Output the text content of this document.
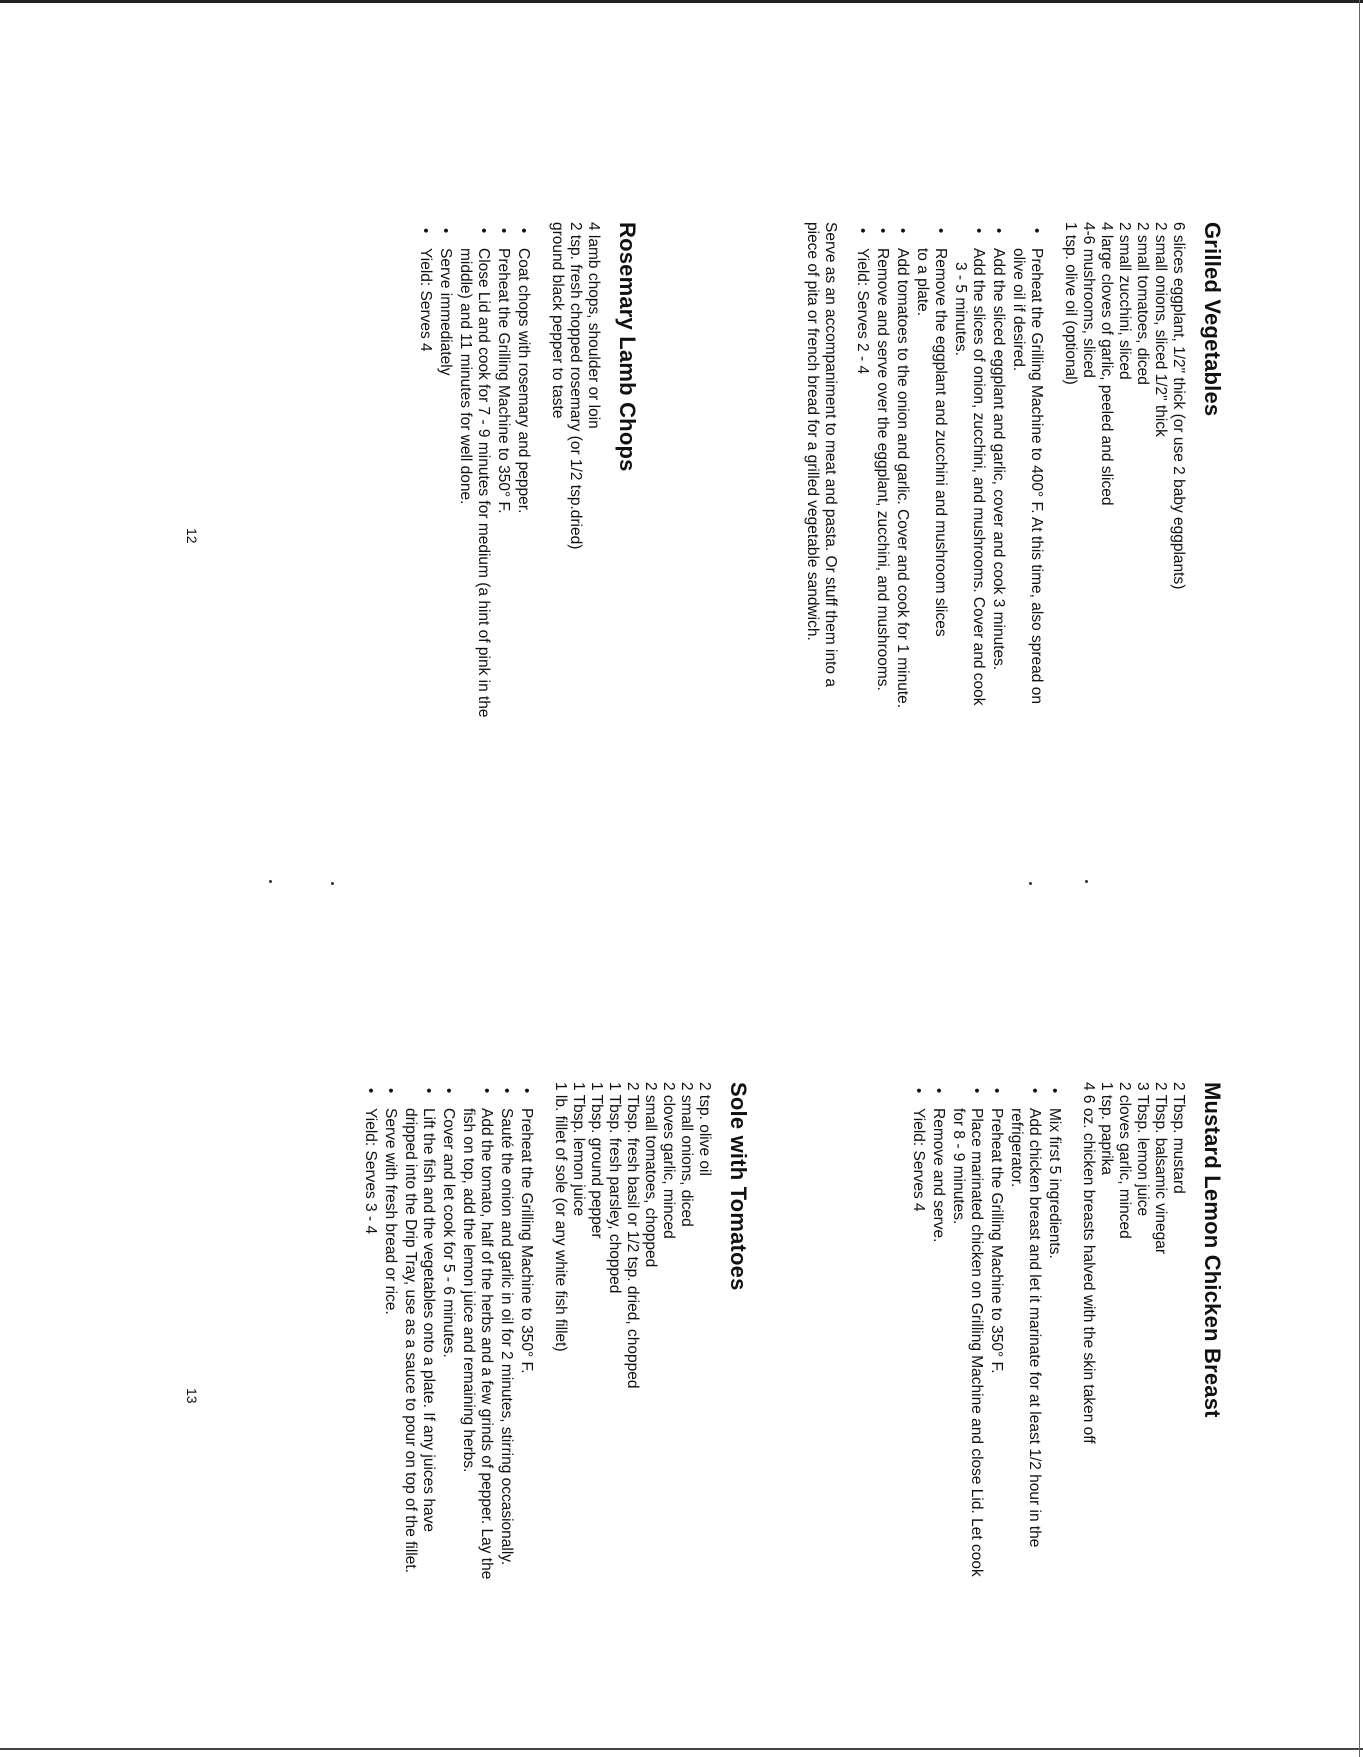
Grilled Vegetables
6 slices eggplant, 1/2" thick (or use 2 baby eggplants)
2 small onions, sliced 1/2" thick
2 small tomatoes, diced
2 small zucchini, sliced
4 large cloves of garlic, peeled and sliced
4-6 mushrooms, sliced
1 tsp. olive oil (optional)
• Preheat the Grilling Machine to 400° F. At this time, also spread on
olive oil if desired.
• Add the sliced eggplant and garlic, cover and cook 3 minutes.
• Add the slices of onion, zucchini, and mushrooms. Cover and cook
3 - 5 minutes.
• Remove the eggplant and zucchini and mushroom slices
to a plate.
• Add tomatoes to the onion and garlic. Cover and cook for 1 minute.
• Remove and serve over the eggplant, zucchini, and mushrooms.
• Yield: Serves 2 - 4
Serve as an accompaniment to meat and pasta. Or stuff them into a
piece of pita or french bread for a grilled vegetable sandwich.
Rosemary Lamb Chops
4 lamb chops, shoulder or loin
2 tsp. fresh chopped rosemary (or 1/2 tsp.dried)
ground black pepper to taste
• Coat chops with rosemary and pepper.
• Preheat the Grilling Machine to 350° F.
• Close Lid and cook for 7 - 9 minutes for medium (a hint of pink in the
middle) and 11 minutes for well done.
• Serve immediately
• Yield: Serves 4
Mustard Lemon Chicken Breast
2 Tbsp. mustard
2 Tbsp. balsamic vinegar
3 Tbsp. lemon juice
2 cloves garlic, minced
1 tsp. paprika
4 6 oz. chicken breasts halved with the skin taken off
• Mix first 5 ingredients.
• Add chicken breast and let it marinate for at least 1/2 hour in the
refrigerator.
• Preheat the Grilling Machine to 350° F.
• Place marinated chicken on Grilling Machine and close Lid. Let cook
for 8 - 9 minutes.
• Remove and serve.
• Yield: Serves 4
Sole with Tomatoes
2 tsp. olive oil
2 small onions, diced
2 cloves garlic, minced
2 small tomatoes, chopped
2 Tbsp. fresh basil or 1/2 tsp. dried, chopped
1 Tbsp. fresh parsley, chopped
1 Tbsp. ground pepper
1 Tbsp. lemon juice
1 lb. fillet of sole (or any white fish fillet)
• Preheat the Grilling Machine to 350° F.
• Sauté the onion and garlic in oil for 2 minutes, stirring occasionally.
• Add the tomato, half of the herbs and a few grinds of pepper. Lay the
fish on top, add the lemon juice and remaining herbs.
• Cover and let cook for 5 - 6 minutes.
• Lift the fish and the vegetables onto a plate. If any juices have
dripped into the Drip Tray, use as a sauce to pour on top of the fillet.
• Serve with fresh bread or rice.
• Yield: Serves 3 - 4
12
13
